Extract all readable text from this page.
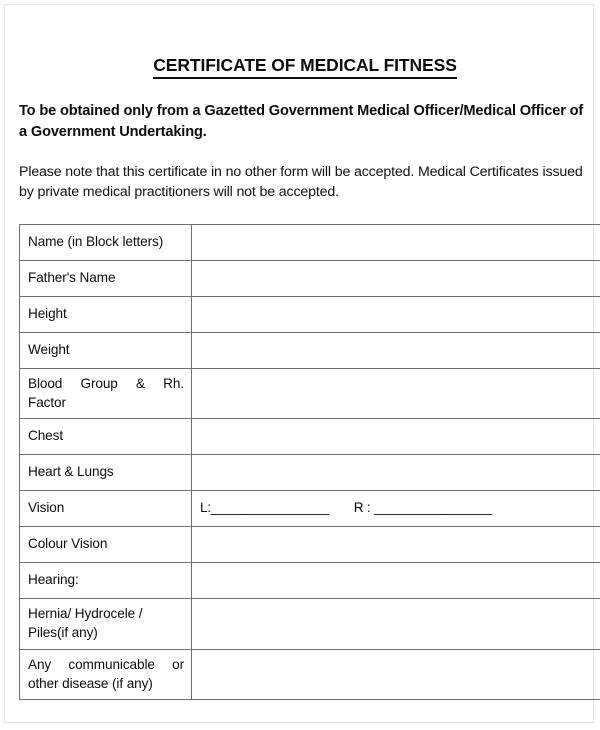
CERTIFICATE OF MEDICAL FITNESS

To be obtained only from a Gazetted Government Medical Officer/Medical Officer of a Government Undertaking.

Please note that this certificate in no other form will be accepted. Medical Certificates issued by private medical practitioners will not be accepted.

Name (in Block letters)	
Father's Name	
Height	
Weight	

Blood Group & Rh.
Factor	

Chest	
Heart & Lungs	
Vision	L:________________       R : ________________
Colour Vision	
Hearing:	
Hernia/ Hydrocele / Piles(if any)	

Any communicable or
other disease (if any)	
